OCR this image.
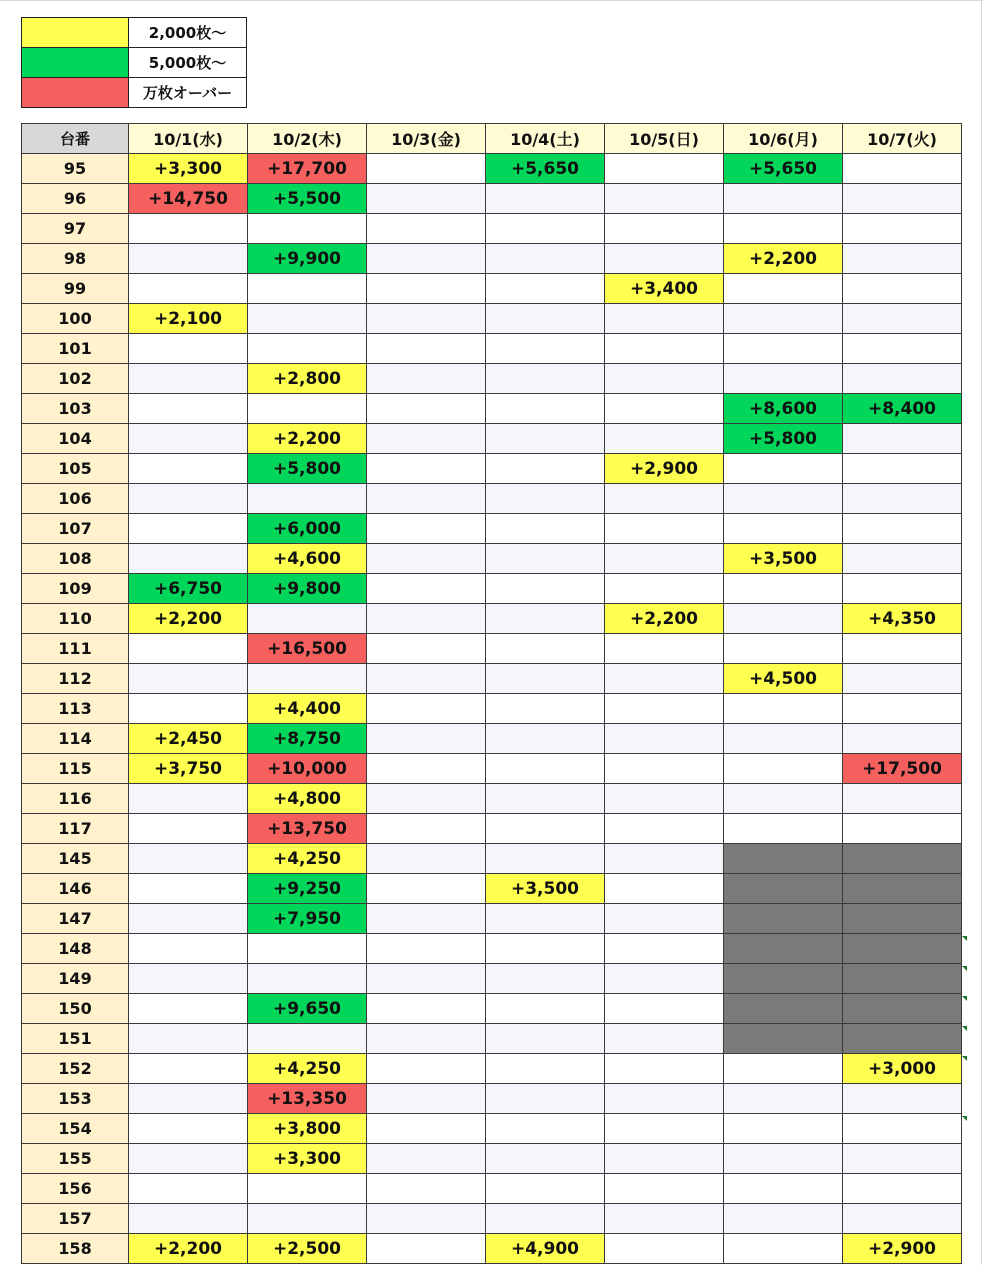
	2,000枚～
	5,000枚～
	万枚オーバー
台番	10/1(水)	10/2(木)	10/3(金)	10/4(土)	10/5(日)	10/6(月)	10/7(火)
95	+3,300	+17,700		+5,650		+5,650	
96	+14,750	+5,500					
97							
98		+9,900				+2,200	
99					+3,400		
100	+2,100						
101							
102		+2,800					
103						+8,600	+8,400
104		+2,200				+5,800	
105		+5,800			+2,900		
106							
107		+6,000					
108		+4,600				+3,500	
109	+6,750	+9,800					
110	+2,200				+2,200		+4,350
111		+16,500					
112						+4,500	
113		+4,400					
114	+2,450	+8,750					
115	+3,750	+10,000					+17,500
116		+4,800					
117		+13,750					
145		+4,250					
146		+9,250		+3,500			
147		+7,950					
148							
149							
150		+9,650					
151							
152		+4,250					+3,000
153		+13,350					
154		+3,800					
155		+3,300					
156							
157							
158	+2,200	+2,500		+4,900			+2,900
